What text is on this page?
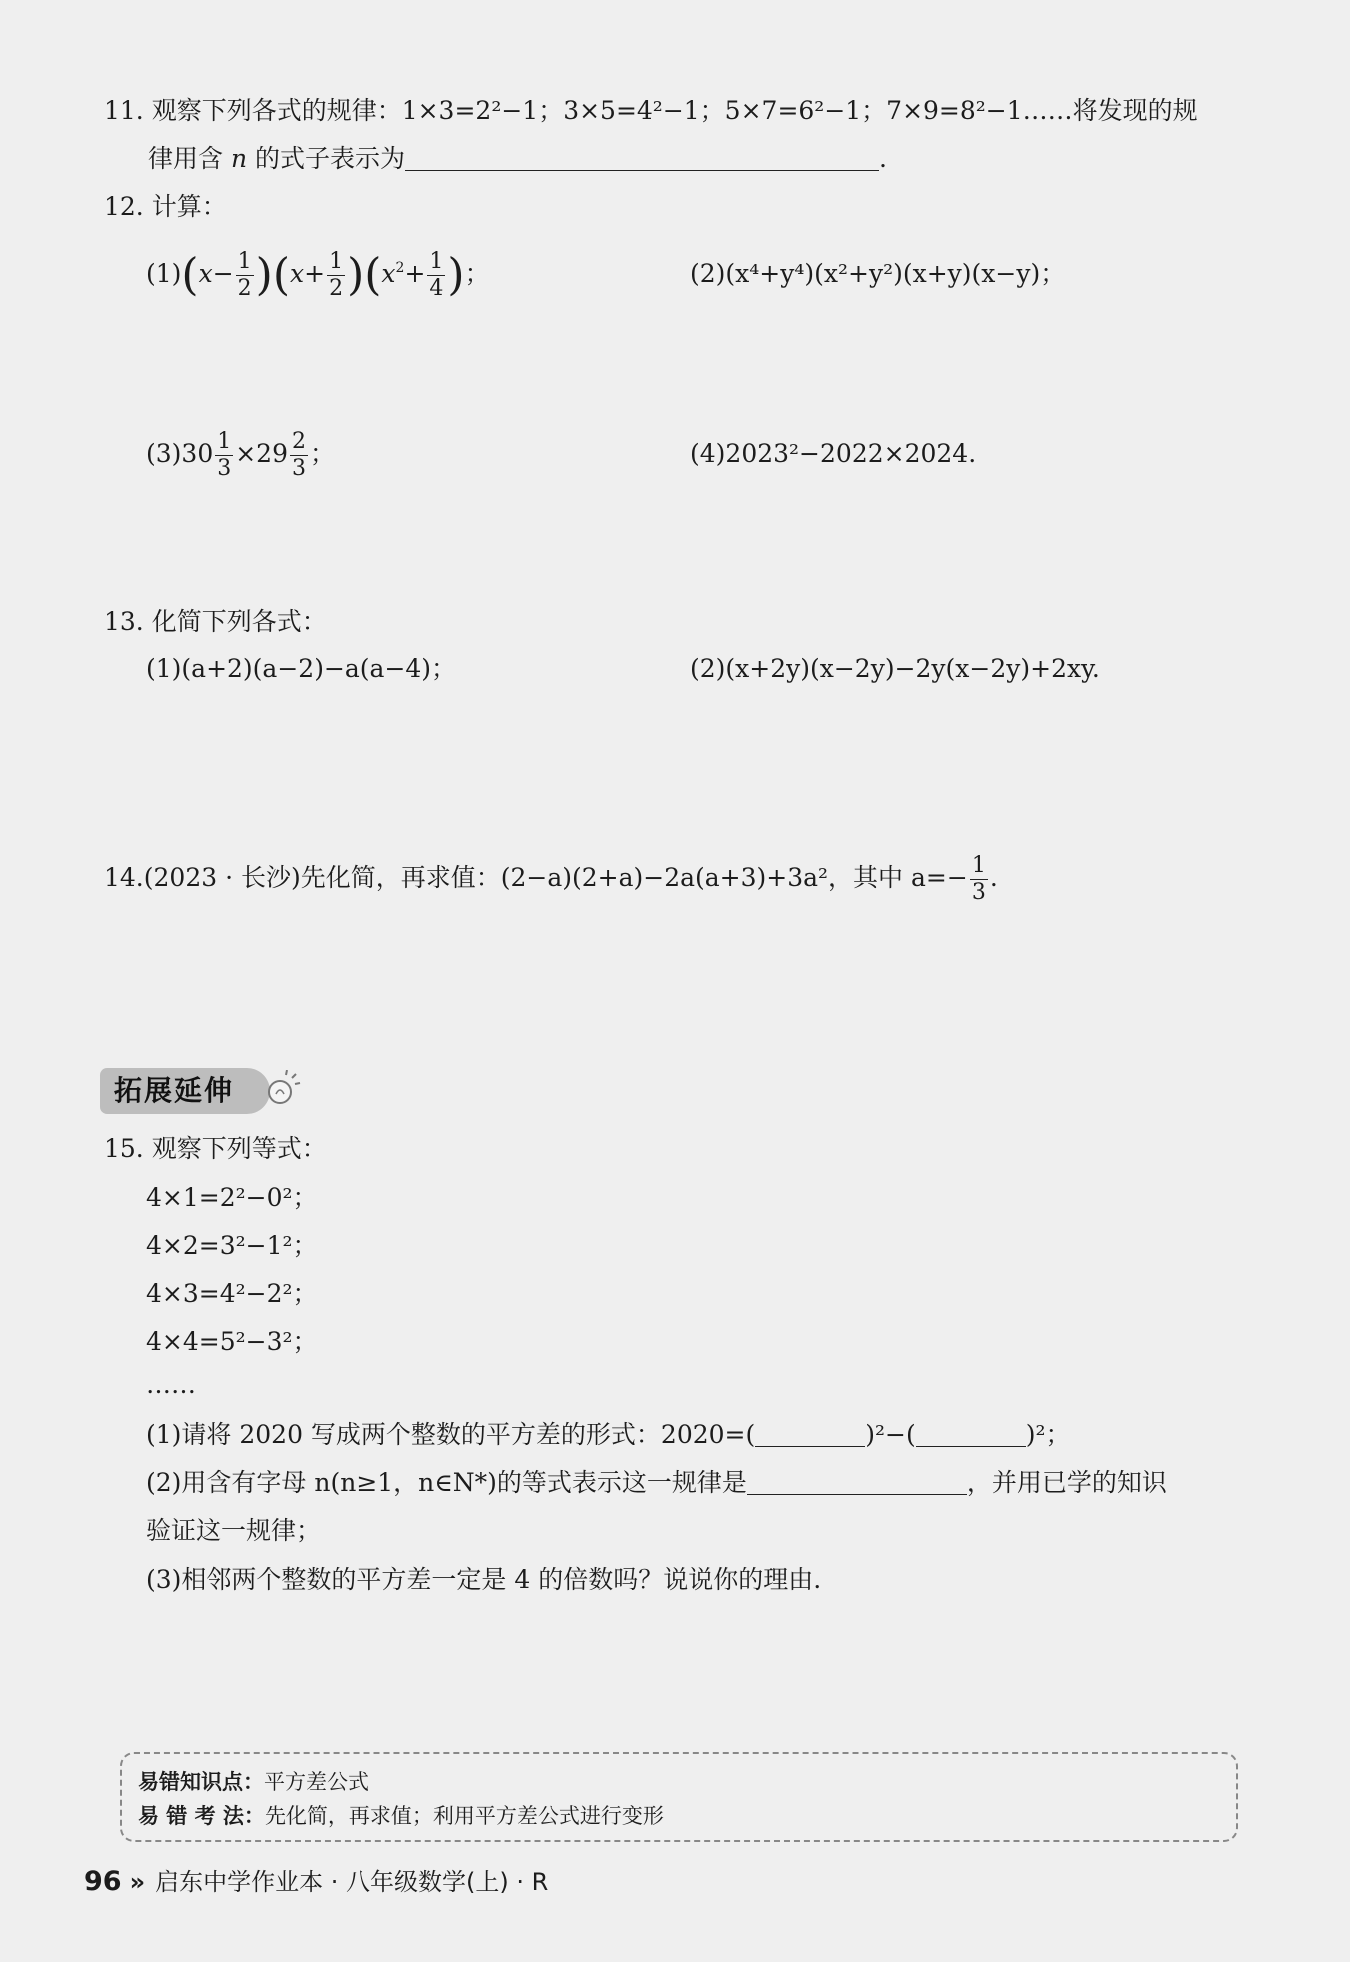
11. 观察下列各式的规律：1×3=2²−1；3×5=4²−1；5×7=6²−1；7×9=8²−1……将发现的规
律用含 n 的式子表示为	.
12. 计算：
$(1)(x- \frac{1}{2} )(x+ \frac{1}{2} )(x^2+ \frac{1}{4}$ )；	(2)(x⁴+y⁴)(x²+y²)(x+y)(x−y)；
$(3)30 \frac{1}{3} \times 29 \frac{2}{3}$ ；	(4)2023²−2022×2024.
13. 化简下列各式：
(1)(a+2)(a−2)−a(a−4)；	(2)(x+2y)(x−2y)−2y(x−2y)+2xy.
14.(2023 · 长沙)先化简，再求值：(2−a)(2+a)−2a(a+3)+3a²，其中 $a=- \frac{1}{3}$ .
拓展延伸
15. 观察下列等式：
4×1=2²−0²；
4×2=3²−1²；
4×3=4²−2²；
4×4=5²−3²；
……
(1)请将 2020 写成两个整数的平方差的形式：2020=(	)²−(	)²；
(2)用含有字母 n(n≥1，n∈N*)的等式表示这一规律是	，并用已学的知识
验证这一规律；
(3)相邻两个整数的平方差一定是 4 的倍数吗？说说你的理由.
易错知识点：平方差公式
易 错 考 法：先化简，再求值；利用平方差公式进行变形
96 » 启东中学作业本 · 八年级数学(上) · R
